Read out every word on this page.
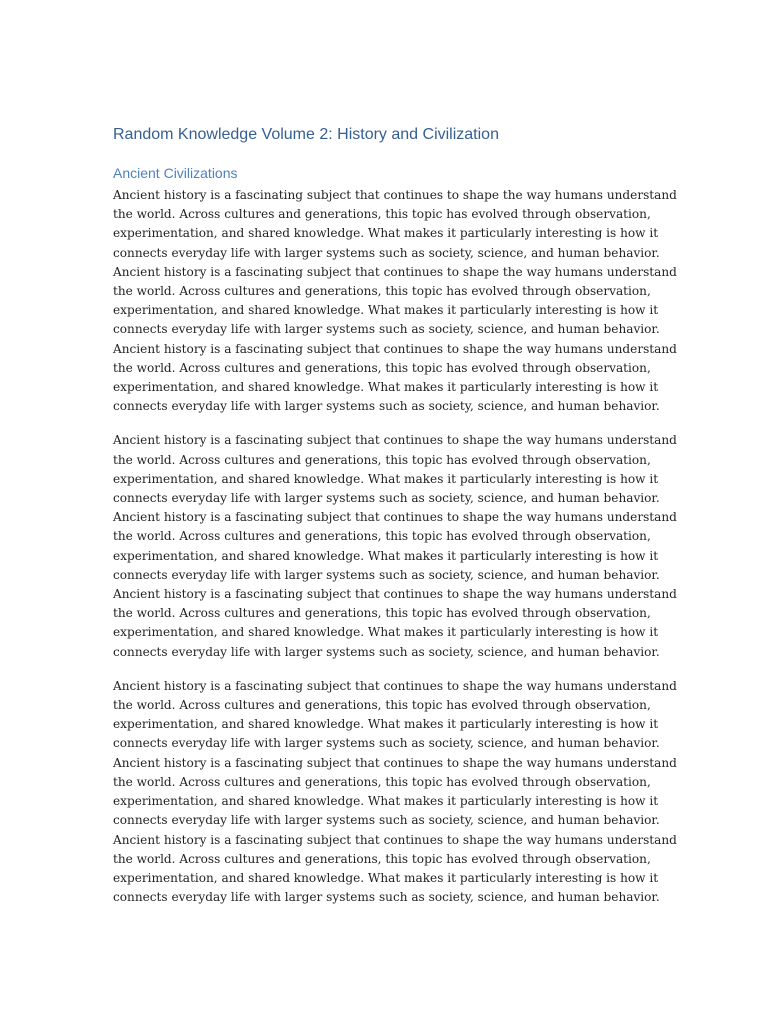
Random Knowledge Volume 2: History and Civilization
Ancient Civilizations

Ancient history is a fascinating subject that continues to shape the way humans understand
the world. Across cultures and generations, this topic has evolved through observation,
experimentation, and shared knowledge. What makes it particularly interesting is how it
connects everyday life with larger systems such as society, science, and human behavior.
Ancient history is a fascinating subject that continues to shape the way humans understand
the world. Across cultures and generations, this topic has evolved through observation,
experimentation, and shared knowledge. What makes it particularly interesting is how it
connects everyday life with larger systems such as society, science, and human behavior.
Ancient history is a fascinating subject that continues to shape the way humans understand
the world. Across cultures and generations, this topic has evolved through observation,
experimentation, and shared knowledge. What makes it particularly interesting is how it
connects everyday life with larger systems such as society, science, and human behavior.

Ancient history is a fascinating subject that continues to shape the way humans understand
the world. Across cultures and generations, this topic has evolved through observation,
experimentation, and shared knowledge. What makes it particularly interesting is how it
connects everyday life with larger systems such as society, science, and human behavior.
Ancient history is a fascinating subject that continues to shape the way humans understand
the world. Across cultures and generations, this topic has evolved through observation,
experimentation, and shared knowledge. What makes it particularly interesting is how it
connects everyday life with larger systems such as society, science, and human behavior.
Ancient history is a fascinating subject that continues to shape the way humans understand
the world. Across cultures and generations, this topic has evolved through observation,
experimentation, and shared knowledge. What makes it particularly interesting is how it
connects everyday life with larger systems such as society, science, and human behavior.

Ancient history is a fascinating subject that continues to shape the way humans understand
the world. Across cultures and generations, this topic has evolved through observation,
experimentation, and shared knowledge. What makes it particularly interesting is how it
connects everyday life with larger systems such as society, science, and human behavior.
Ancient history is a fascinating subject that continues to shape the way humans understand
the world. Across cultures and generations, this topic has evolved through observation,
experimentation, and shared knowledge. What makes it particularly interesting is how it
connects everyday life with larger systems such as society, science, and human behavior.
Ancient history is a fascinating subject that continues to shape the way humans understand
the world. Across cultures and generations, this topic has evolved through observation,
experimentation, and shared knowledge. What makes it particularly interesting is how it
connects everyday life with larger systems such as society, science, and human behavior.
